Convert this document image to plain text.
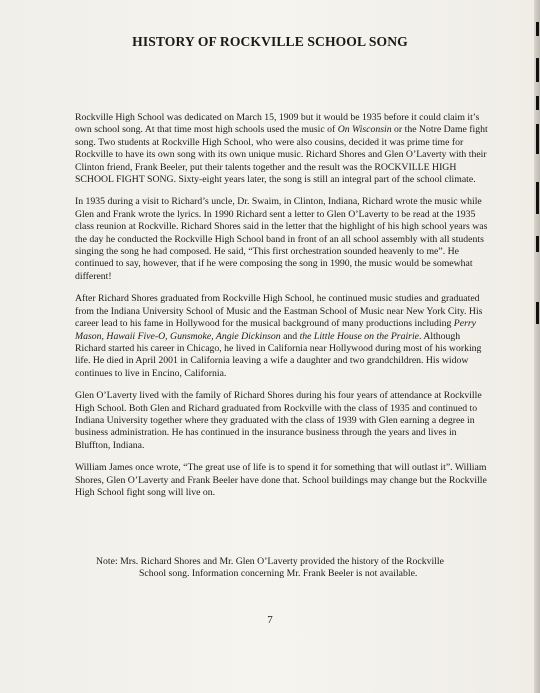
HISTORY OF ROCKVILLE SCHOOL SONG

Rockville High School was dedicated on March 15, 1909 but it would be 1935 before it could claim it’s own school song. At that time most high schools used the music of On Wisconsin or the Notre Dame fight song. Two students at Rockville High School, who were also cousins, decided it was prime time for Rockville to have its own song with its own unique music. Richard Shores and Glen O’Laverty with their Clinton friend, Frank Beeler, put their talents together and the result was the ROCKVILLE HIGH SCHOOL FIGHT SONG. Sixty-eight years later, the song is still an integral part of the school climate.

In 1935 during a visit to Richard’s uncle, Dr. Swaim, in Clinton, Indiana, Richard wrote the music while Glen and Frank wrote the lyrics. In 1990 Richard sent a letter to Glen O’Laverty to be read at the 1935 class reunion at Rockville. Richard Shores said in the letter that the highlight of his high school years was the day he conducted the Rockville High School band in front of an all school assembly with all students singing the song he had composed. He said, “This first orchestration sounded heavenly to me”. He continued to say, however, that if he were composing the song in 1990, the music would be somewhat different!

After Richard Shores graduated from Rockville High School, he continued music studies and graduated from the Indiana University School of Music and the Eastman School of Music near New York City. His career lead to his fame in Hollywood for the musical background of many productions including Perry Mason, Hawaii Five-O, Gunsmoke, Angie Dickinson and the Little House on the Prairie. Although Richard started his career in Chicago, he lived in California near Hollywood during most of his working life. He died in April 2001 in California leaving a wife a daughter and two grandchildren. His widow continues to live in Encino, California.

Glen O’Laverty lived with the family of Richard Shores during his four years of attendance at Rockville High School. Both Glen and Richard graduated from Rockville with the class of 1935 and continued to Indiana University together where they graduated with the class of 1939 with Glen earning a degree in business administration. He has continued in the insurance business through the years and lives in Bluffton, Indiana.

William James once wrote, “The great use of life is to spend it for something that will outlast it”. William Shores, Glen O’Laverty and Frank Beeler have done that. School buildings may change but the Rockville High School fight song will live on.

Note: Mrs. Richard Shores and Mr. Glen O’Laverty provided the history of the Rockville
School song. Information concerning Mr. Frank Beeler is not available.
7
